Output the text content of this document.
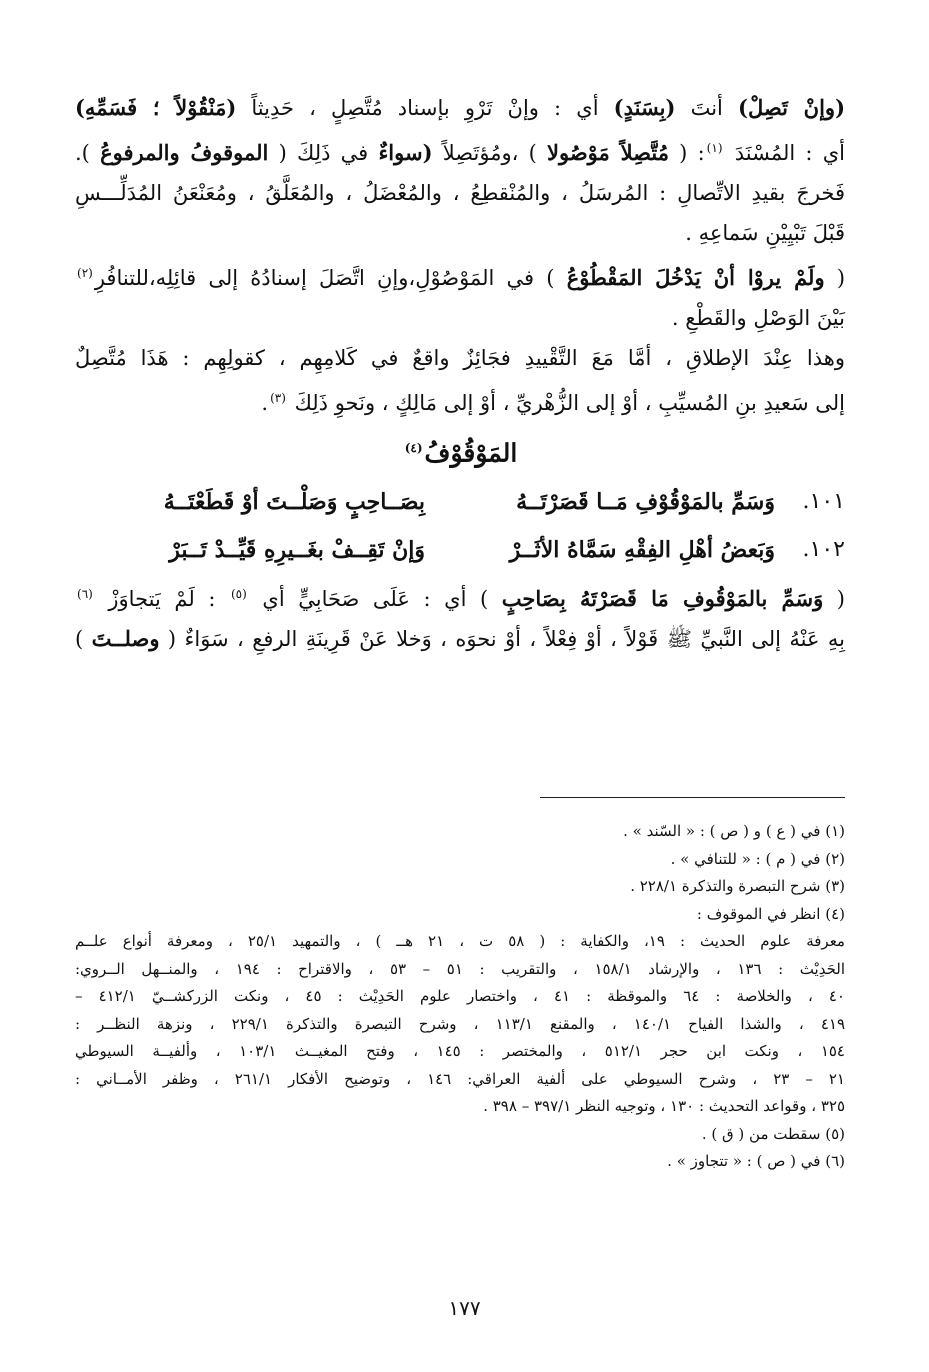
(وإنْ تَصِلْ) أنتَ (بِسَنَدٍ) أي : وإنْ تَرْوِ بإسناد مُتَّصِلٍ ، حَدِيثاً (مَنْقُوْلاً ؛ فَسَمِّهِ)
أي : المُسْنَدَ $^{(١)}$: ( مُتَّصِلاً مَوْصُولا ) ،ومُؤتَصِلاً (سواءٌ في ذَلِكَ ( الموقوفُ والمرفوعُ ).
فَخرجَ بقيدِ الاتِّصالِ : المُرسَلُ ، والمُنْقطِعُ ، والمُعْضَلُ ، والمُعَلَّقُ ، ومُعَنْعَنُ المُدَلِّـــسِ
قَبْلَ تَبْيِيْنِ سَماعِهِ .
( ولَمْ يروْا أنْ يَدْخُلَ المَقْطُوْعُ ) في المَوْصُوْلِ،وإنِ اتَّصَلَ إسنادُهُ إلى قائِلِه،للتنافُرِ$^{(٢)}$
بَيْنَ الوَصْلِ والقَطْعِ .
وهذا عِنْدَ الإطلاقِ ، أمَّا مَعَ التَّقْييدِ فجَائِزٌ واقعٌ في كَلامِهِم ، كقولِهِم : هَذَا مُتَّصِلٌ
إلى سَعيدِ بنِ المُسيِّبِ ، أوْ إلى الزُّهْريِّ ، أوْ إلى مَالِكٍ ، ونَحوِ ذَلِكَ $^{(٣)}$.
المَوْقُوْفُ$^{(٤)}$
١٠١.
وَسَمِّ بالمَوْقُوْفِ مَــا قَصَرْتَــهُ
بِصَــاحِبٍ وَصَلْــتَ أوْ قَطَعْتَــهُ
١٠٢.
وَبَعضُ أهْلِ الفِقْهِ سَمَّاهُ الأثَــرْ
وَإنْ تَقِــفْ بغَــيرِهِ قَيِّــدْ تَــبَرْ
( وَسَمِّ بالمَوْقُوفِ مَا قَصَرْتَهُ بِصَاحِبٍ ) أي : عَلَى صَحَابِيٍّ أي $^{(٥)}$ : لَمْ يَتجاوَزْ $^{(٦)}$
بِهِ عَنْهُ إلى النَّبيِّ ﷺ قَوْلاً ، أوْ فِعْلاً ، أوْ نحوَه ، وَخلا عَنْ قَرِينَةِ الرفعِ ، سَوَاءٌ ( وصلــتَ )
(١) في ( ع ) و ( ص ) : « السّند » .
(٢) في ( م ) : « للتنافي » .
(٣) شرح التبصرة والتذكرة ٢٢٨/١ .
(٤) انظر في الموقوف :
معرفة علوم الحديث : ١٩، والكفاية : ( ٥٨ ت ، ٢١ هــ ) ، والتمهيد ٢٥/١ ، ومعرفة أنواع علــم
الحَدِيْث : ١٣٦ ، والإرشاد ١٥٨/١ ، والتقريب : ٥١ – ٥٣ ، والاقتراح : ١٩٤ ، والمنــهل الــروي:
٤٠ ، والخلاصة : ٦٤ والموقظة : ٤١ ، واختصار علوم الحَدِيْث : ٤٥ ، ونكت الزركشــيّ ٤١٢/١ –
٤١٩ ، والشذا الفياح ١٤٠/١ ، والمقنع ١١٣/١ ، وشرح التبصرة والتذكرة ٢٢٩/١ ، ونزهة النظــر :
١٥٤ ، ونكت ابن حجر ٥١٢/١ ، والمختصر : ١٤٥ ، وفتح المغيــث ١٠٣/١ ، وألفيــة السيوطي
٢١ – ٢٣ ، وشرح السيوطي على ألفية العراقي: ١٤٦ ، وتوضيح الأفكار ٢٦١/١ ، وظفر الأمــاني :
٣٢٥ ، وقواعد التحديث : ١٣٠ ، وتوجيه النظر ٣٩٧/١ – ٣٩٨ .
(٥) سقطت من ( ق ) .
(٦) في ( ص ) : « تتجاوز » .
١٧٧
